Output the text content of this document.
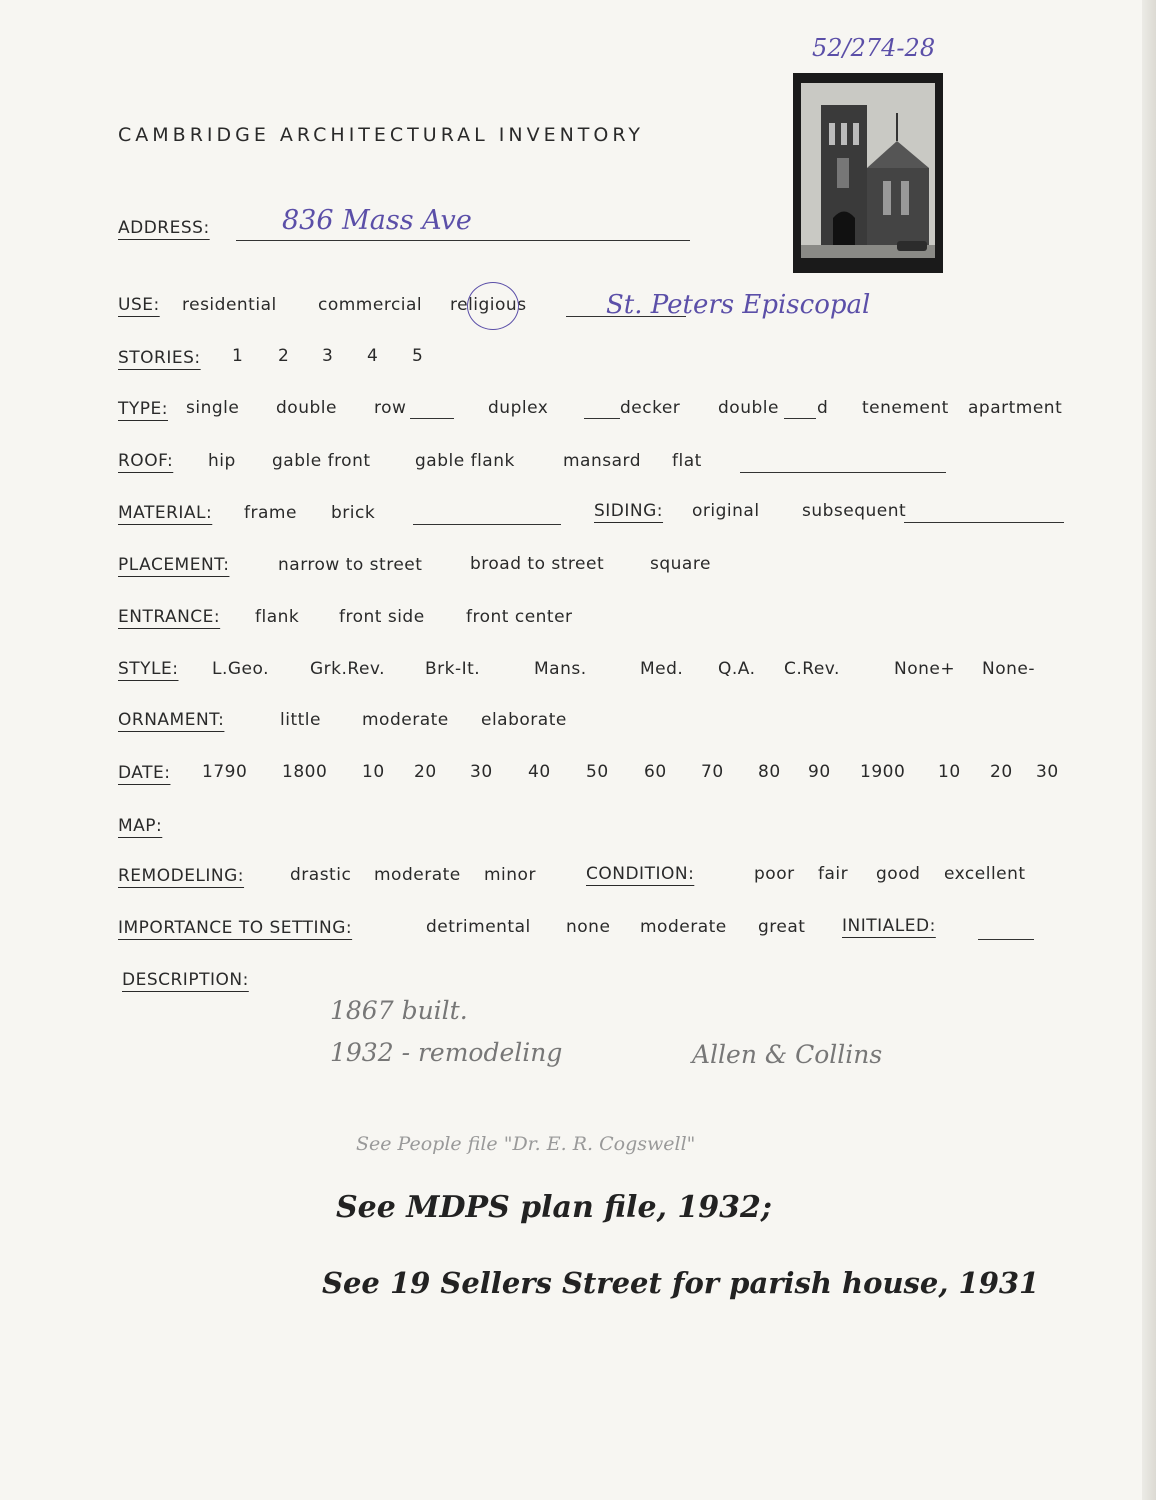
52/274-28
CAMBRIDGE ARCHITECTURAL INVENTORY
ADDRESS:	836 Mass Ave
USE: residential commercial religious	St. Peters Episcopal
STORIES: 1 2 3 4 5
TYPE: single double row	duplex	decker double d tenement apartment
ROOF: hip gable front	gable flank	mansard flat
MATERIAL: frame brick	SIDING: original subsequent
PLACEMENT:	narrow to street	broad to street	square
ENTRANCE: flank front side front center
STYLE: L.Geo. Grk.Rev. Brk-It.	Mans.	Med. Q.A. C.Rev.	None+ None-
ORNAMENT:	little moderate elaborate
DATE: 1790 1800 10 20 30 40 50 60 70 80 90 1900 10 20 30
MAP:
REMODELING:	drastic moderate minor	CONDITION:	poor fair good excellent
IMPORTANCE TO SETTING:	detrimental none moderate great INITIALED:
DESCRIPTION:
1867 built.
1932 - remodeling	Allen & Collins
See People file "Dr. E. R. Cogswell"
See MDPS plan file, 1932;
See 19 Sellers Street for parish house, 1931
